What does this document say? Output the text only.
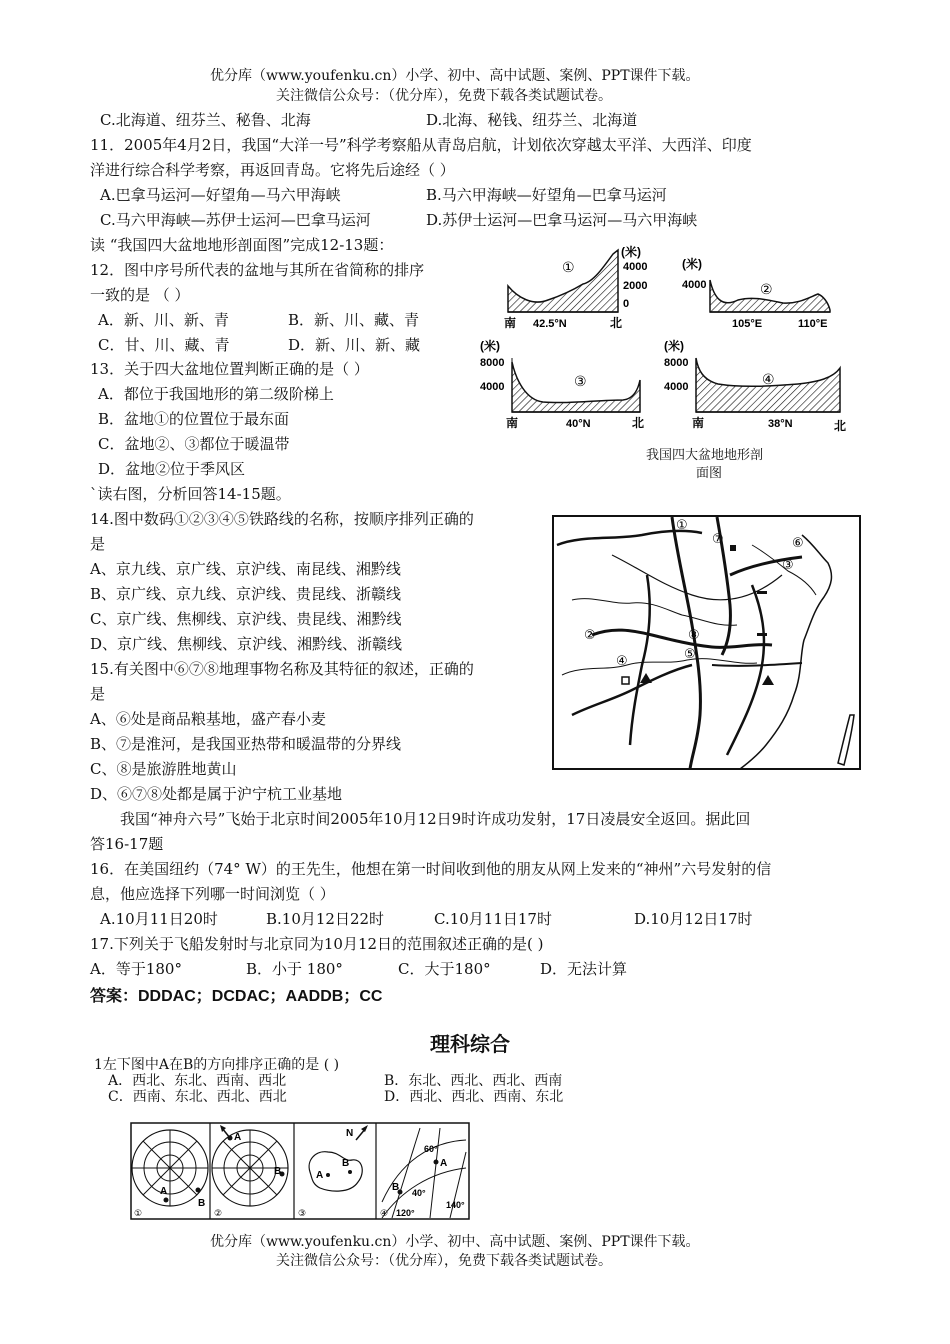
优分库（www.youfenku.cn）小学、初中、高中试题、案例、PPT课件下载。
关注微信公众号：（优分库），免费下载各类试题试卷。
C.北海道、纽芬兰、秘鲁、北海	D.北海、秘钱、纽芬兰、北海道
11．2005年4月2日，我国“大洋一号”科学考察船从青岛启航，计划依次穿越太平洋、大西洋、印度
洋进行综合科学考察，再返回青岛。它将先后途经（ ）
A.巴拿马运河—好望角—马六甲海峡	B.马六甲海峡—好望角—巴拿马运河
C.马六甲海峡—苏伊士运河—巴拿马运河	D.苏伊士运河—巴拿马运河—马六甲海峡
读 “我国四大盆地地形剖面图”完成12-13题：
12．图中序号所代表的盆地与其所在省简称的排序
一致的是 （ ）
A．新、川、新、青	B．新、川、藏、青
C．甘、川、藏、青	D．新、川、新、藏
13．关于四大盆地位置判断正确的是（ ）
A．都位于我国地形的第二级阶梯上
B．盆地①的位置位于最东面
C．盆地②、③都位于暖温带
D．盆地②位于季风区
①
(米)
4000
2000
0
南 42.5°N	北
(米)
4000	②
105°E	110°E
(米)
8000
4000	③
南	40°N	北
(米)
8000
4000	④
南	38°N	北
我国四大盆地地形剖
面图
`读右图，分析回答14-15题。
14.图中数码①②③④⑤铁路线的名称，按顺序排列正确的
是
A、京九线、京广线、京沪线、南昆线、湘黔线
B、京广线、京九线、京沪线、贵昆线、浙赣线
C、京广线、焦柳线、京沪线、贵昆线、湘黔线
D、京广线、焦柳线、京沪线、湘黔线、浙赣线
15.有关图中⑥⑦⑧地理事物名称及其特征的叙述，正确的
是
A、⑥处是商品粮基地，盛产春小麦
B、⑦是淮河，是我国亚热带和暖温带的分界线
C、⑧是旅游胜地黄山
D、⑥⑦⑧处都是属于沪宁杭工业基地
①
②
③
④	⑤
⑥
⑦
⑧
我国“神舟六号”飞始于北京时间2005年10月12日9时许成功发射，17日凌晨安全返回。据此回
答16-17题
16．在美国纽约（74° W）的王先生，他想在第一时间收到他的朋友从网上发来的“神州”六号发射的信
息，他应选择下列哪一时间浏览（ ）
A.10月11日20时	B.10月12日22时	C.10月11日17时	D.10月12日17时
17.下列关于飞船发射时与北京同为10月12日的范围叙述正确的是( )
A．等于180°	B．小于 180°	C．大于180°	D．无法计算
答案：DDDAC；DCDAC；AADDB；CC
理科综合
1左下图中A在B的方向排序正确的是 ( )
A．西北、东北、西南、西北	B．东北、西北、西北、西南
C．西南、东北、西北、西北	D．西北、西北、西南、东北
A
B
①
A
B
②
A
B
N
③
60°
40°
120°
140°
A
B
④
优分库（www.youfenku.cn）小学、初中、高中试题、案例、PPT课件下载。
关注微信公众号：（优分库），免费下载各类试题试卷。
